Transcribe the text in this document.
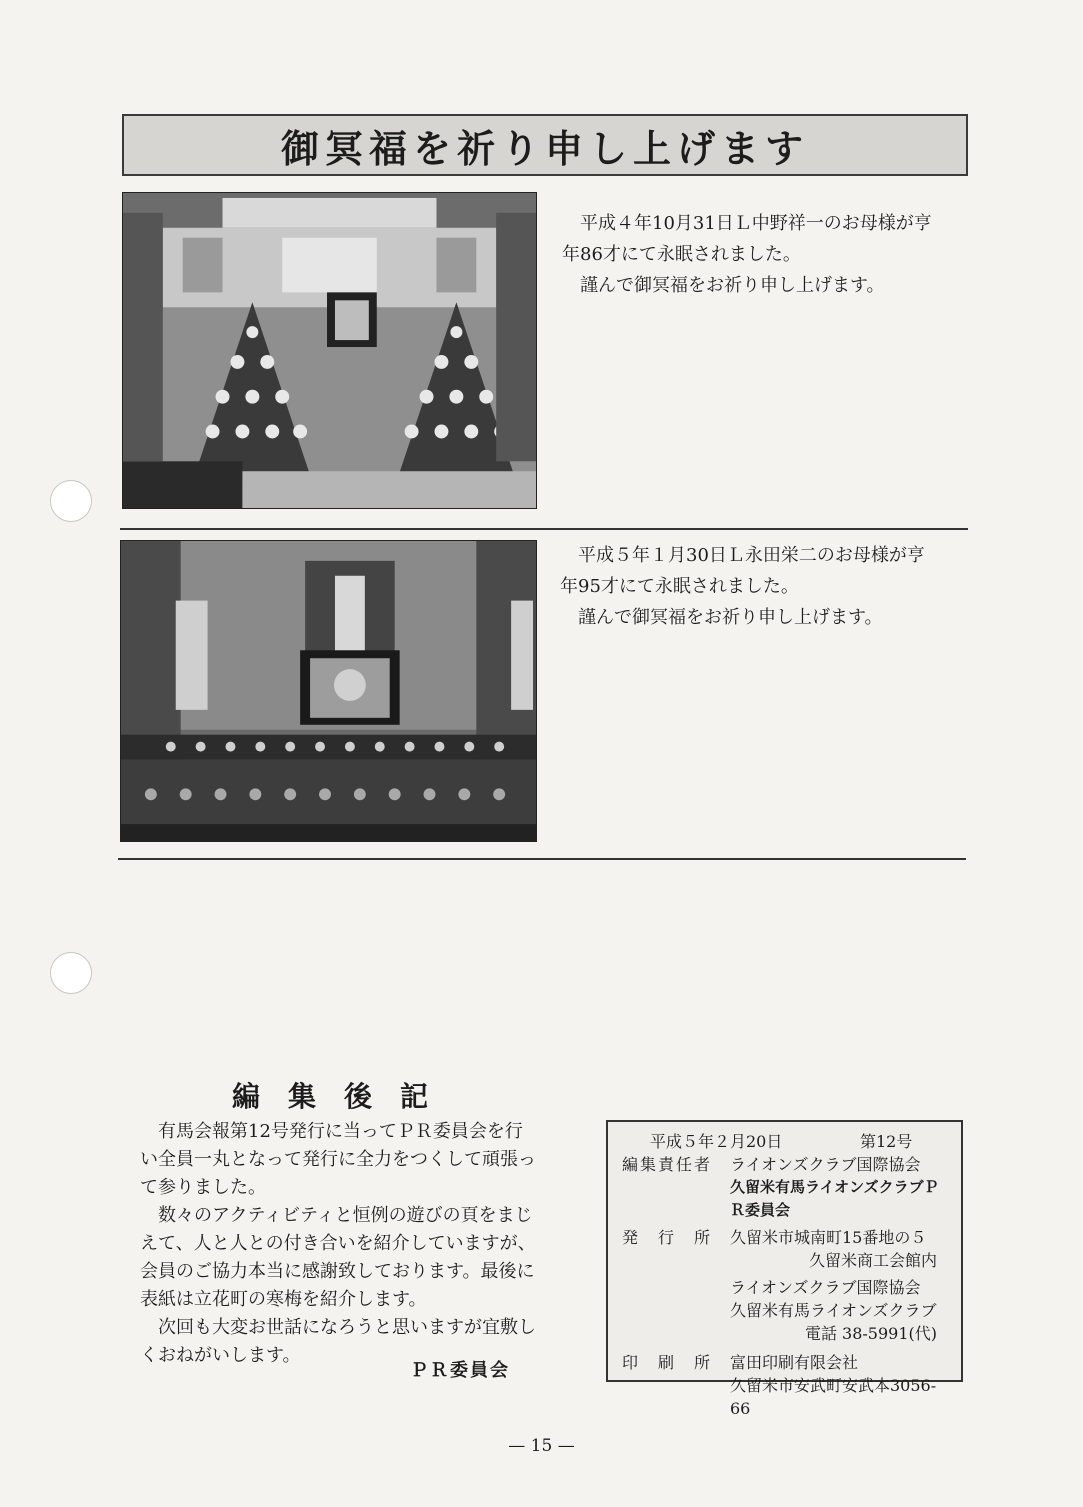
御冥福を祈り申し上げます

平成４年10月31日Ｌ中野祥一のお母様が亨

年86才にて永眠されました。

謹んで御冥福をお祈り申し上げます。

平成５年１月30日Ｌ永田栄二のお母様が亨

年95才にて永眠されました。

謹んで御冥福をお祈り申し上げます。

編集後記

有馬会報第12号発行に当ってＰＲ委員会を行い全員一丸となって発行に全力をつくして頑張って参りました。

数々のアクティビティと恒例の遊びの頁をまじえて、人と人との付き合いを紹介していますが、会員のご協力本当に感謝致しております。最後に表紙は立花町の寒梅を紹介します。

次回も大変お世話になろうと思いますが宜敷しくおねがいします。

ＰＲ委員会
平成５年２月20日	第12号
編集責任者	ライオンズクラブ国際協会
久留米有馬ライオンズクラブＰＲ委員会
発　行　所	久留米市城南町15番地の５
久留米商工会館内
ライオンズクラブ国際協会
久留米有馬ライオンズクラブ
電話 38-5991(代)
印　刷　所	富田印刷有限会社
久留米市安武町安武本3056-66
— 15 —
